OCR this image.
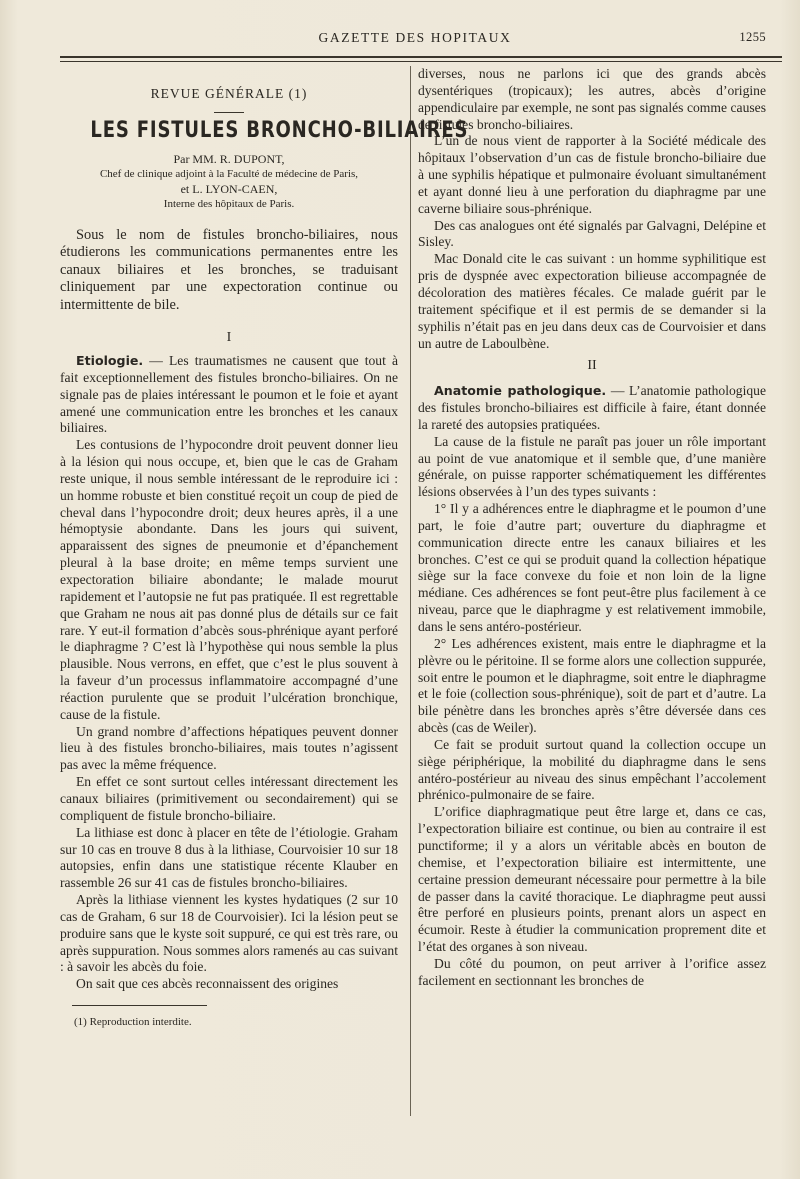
GAZETTE DES HOPITAUX	1255
REVUE GÉNÉRALE (1)
LES FISTULES BRONCHO-BILIAIRES
Par MM. R. DUPONT,
Chef de clinique adjoint à la Faculté de médecine de Paris,
et L. LYON-CAEN,
Interne des hôpitaux de Paris.

Sous le nom de fistules broncho-biliaires, nous étudierons les communications permanentes entre les canaux biliaires et les bronches, se traduisant cliniquement par une expectoration continue ou intermittente de bile.

I

Etiologie. — Les traumatismes ne causent que tout à fait exceptionnellement des fistules broncho-biliaires. On ne signale pas de plaies intéressant le poumon et le foie et ayant amené une communication entre les bronches et les canaux biliaires.

Les contusions de l’hypocondre droit peuvent donner lieu à la lésion qui nous occupe, et, bien que le cas de Graham reste unique, il nous semble intéressant de le reproduire ici : un homme robuste et bien constitué reçoit un coup de pied de cheval dans l’hypocondre droit; deux heures après, il a une hémoptysie abondante. Dans les jours qui suivent, apparaissent des signes de pneumonie et d’épanchement pleural à la base droite; en même temps survient une expectoration biliaire abondante; le malade mourut rapidement et l’autopsie ne fut pas pratiquée. Il est regrettable que Graham ne nous ait pas donné plus de détails sur ce fait rare. Y eut-il formation d’abcès sous-phrénique ayant perforé le diaphragme ? C’est là l’hypothèse qui nous semble la plus plausible. Nous verrons, en effet, que c’est le plus souvent à la faveur d’un processus inflammatoire accompagné d’une réaction purulente que se produit l’ulcération bronchique, cause de la fistule.

Un grand nombre d’affections hépatiques peuvent donner lieu à des fistules broncho-biliaires, mais toutes n’agissent pas avec la même fréquence.

En effet ce sont surtout celles intéressant directement les canaux biliaires (primitivement ou secondairement) qui se compliquent de fistule broncho-biliaire.

La lithiase est donc à placer en tête de l’étiologie. Graham sur 10 cas en trouve 8 dus à la lithiase, Courvoisier 10 sur 18 autopsies, enfin dans une statistique récente Klauber en rassemble 26 sur 41 cas de fistules broncho-biliaires.

Après la lithiase viennent les kystes hydatiques (2 sur 10 cas de Graham, 6 sur 18 de Courvoisier). Ici la lésion peut se produire sans que le kyste soit suppuré, ce qui est très rare, ou après suppuration. Nous sommes alors ramenés au cas suivant : à savoir les abcès du foie.

On sait que ces abcès reconnaissent des origines

(1) Reproduction interdite.

diverses, nous ne parlons ici que des grands abcès dysentériques (tropicaux); les autres, abcès d’origine appendiculaire par exemple, ne sont pas signalés comme causes de fistules broncho-biliaires.

L’un de nous vient de rapporter à la Société médicale des hôpitaux l’observation d’un cas de fistule broncho-biliaire due à une syphilis hépatique et pulmonaire évoluant simultanément et ayant donné lieu à une perforation du diaphragme par une caverne biliaire sous-phrénique.

Des cas analogues ont été signalés par Galvagni, Delépine et Sisley.

Mac Donald cite le cas suivant : un homme syphilitique est pris de dyspnée avec expectoration bilieuse accompagnée de décoloration des matières fécales. Ce malade guérit par le traitement spécifique et il est permis de se demander si la syphilis n’était pas en jeu dans deux cas de Courvoisier et dans un autre de Laboulbène.

II

Anatomie pathologique. — L’anatomie pathologique des fistules broncho-biliaires est difficile à faire, étant donnée la rareté des autopsies pratiquées.

La cause de la fistule ne paraît pas jouer un rôle important au point de vue anatomique et il semble que, d’une manière générale, on puisse rapporter schématiquement les différentes lésions observées à l’un des types suivants :

1° Il y a adhérences entre le diaphragme et le poumon d’une part, le foie d’autre part; ouverture du diaphragme et communication directe entre les canaux biliaires et les bronches. C’est ce qui se produit quand la collection hépatique siège sur la face convexe du foie et non loin de la ligne médiane. Ces adhérences se font peut-être plus facilement à ce niveau, parce que le diaphragme y est relativement immobile, dans le sens antéro-postérieur.

2° Les adhérences existent, mais entre le diaphragme et la plèvre ou le péritoine. Il se forme alors une collection suppurée, soit entre le poumon et le diaphragme, soit entre le diaphragme et le foie (collection sous-phrénique), soit de part et d’autre. La bile pénètre dans les bronches après s’être déversée dans ces abcès (cas de Weiler).

Ce fait se produit surtout quand la collection occupe un siège périphérique, la mobilité du diaphragme dans le sens antéro-postérieur au niveau des sinus empêchant l’accolement phrénico-pulmonaire de se faire.

L’orifice diaphragmatique peut être large et, dans ce cas, l’expectoration biliaire est continue, ou bien au contraire il est punctiforme; il y a alors un véritable abcès en bouton de chemise, et l’expectoration biliaire est intermittente, une certaine pression demeurant nécessaire pour permettre à la bile de passer dans la cavité thoracique. Le diaphragme peut aussi être perforé en plusieurs points, prenant alors un aspect en écumoir. Reste à étudier la communication proprement dite et l’état des organes à son niveau.

Du côté du poumon, on peut arriver à l’orifice assez facilement en sectionnant les bronches de
